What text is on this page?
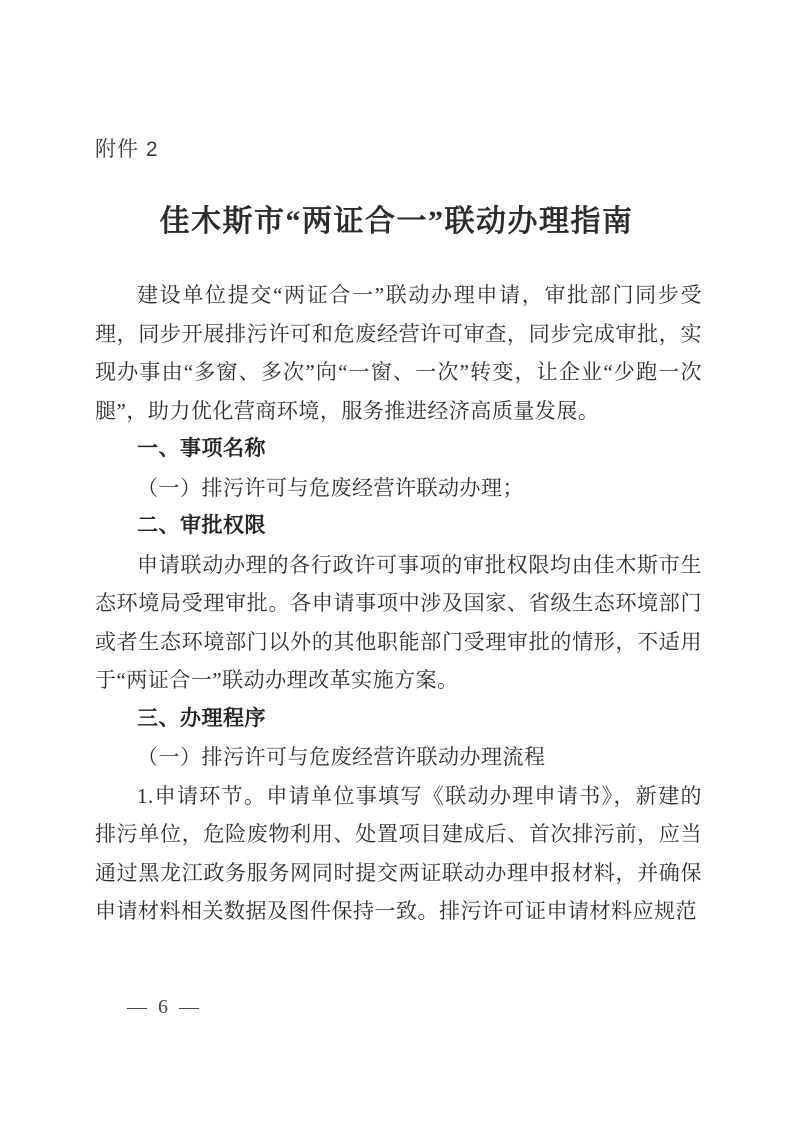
附件 2
佳木斯市“两证合一”联动办理指南

建设单位提交“两证合一”联动办理申请，审批部门同步受理，同步开展排污许可和危废经营许可审查，同步完成审批，实现办事由“多窗、多次”向“一窗、一次”转变，让企业“少跑一次腿”，助力优化营商环境，服务推进经济高质量发展。

一、事项名称

（一）排污许可与危废经营许联动办理；

二、审批权限

申请联动办理的各行政许可事项的审批权限均由佳木斯市生态环境局受理审批。各申请事项中涉及国家、省级生态环境部门或者生态环境部门以外的其他职能部门受理审批的情形，不适用于“两证合一”联动办理改革实施方案。

三、办理程序

（一）排污许可与危废经营许联动办理流程

1.申请环节。申请单位事填写《联动办理申请书》，新建的排污单位，危险废物利用、处置项目建成后、首次排污前，应当通过黑龙江政务服务网同时提交两证联动办理申报材料，并确保申请材料相关数据及图件保持一致。排污许可证申请材料应规范

— 6 —
